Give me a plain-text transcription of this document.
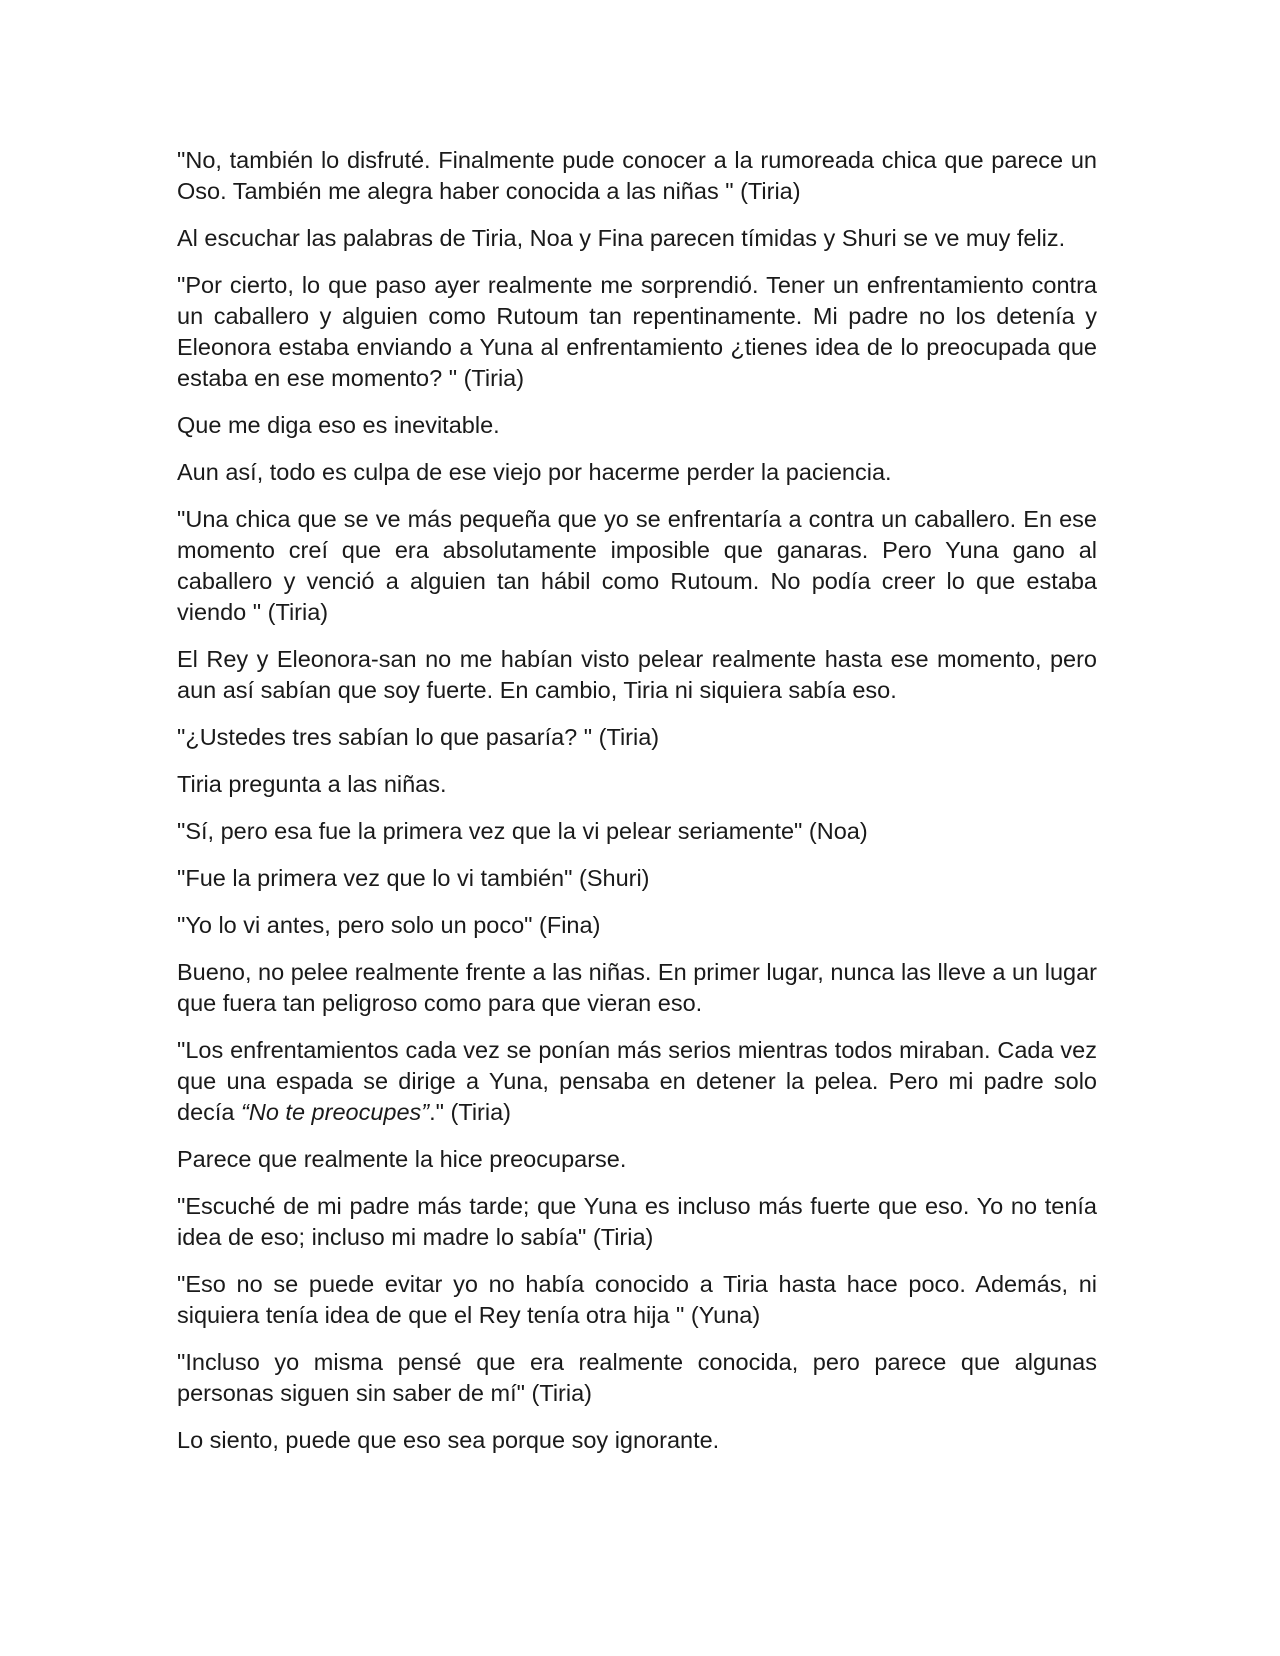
"No, también lo disfruté. Finalmente pude conocer a la rumoreada chica que parece un Oso. También me alegra haber conocida a las niñas " (Tiria)

Al escuchar las palabras de Tiria, Noa y Fina parecen tímidas y Shuri se ve muy feliz.

"Por cierto, lo que paso ayer realmente me sorprendió. Tener un enfrentamiento contra un caballero y alguien como Rutoum tan repentinamente. Mi padre no los detenía y Eleonora estaba enviando a Yuna al enfrentamiento ¿tienes idea de lo preocupada que estaba en ese momento? " (Tiria)

Que me diga eso es inevitable.

Aun así, todo es culpa de ese viejo por hacerme perder la paciencia.

"Una chica que se ve más pequeña que yo se enfrentaría a contra un caballero. En ese momento creí que era absolutamente imposible que ganaras. Pero Yuna gano al caballero y venció a alguien tan hábil como Rutoum. No podía creer lo que estaba viendo " (Tiria)

El Rey y Eleonora-san no me habían visto pelear realmente hasta ese momento, pero aun así sabían que soy fuerte. En cambio, Tiria ni siquiera sabía eso.

"¿Ustedes tres sabían lo que pasaría? " (Tiria)

Tiria pregunta a las niñas.

"Sí, pero esa fue la primera vez que la vi pelear seriamente" (Noa)

"Fue la primera vez que lo vi también" (Shuri)

"Yo lo vi antes, pero solo un poco" (Fina)

Bueno, no pelee realmente frente a las niñas. En primer lugar, nunca las lleve a un lugar que fuera tan peligroso como para que vieran eso.

"Los enfrentamientos cada vez se ponían más serios mientras todos miraban. Cada vez que una espada se dirige a Yuna, pensaba en detener la pelea. Pero mi padre solo decía “No te preocupes”." (Tiria)

Parece que realmente la hice preocuparse.

"Escuché de mi padre más tarde; que Yuna es incluso más fuerte que eso. Yo no tenía idea de eso; incluso mi madre lo sabía" (Tiria)

"Eso no se puede evitar yo no había conocido a Tiria hasta hace poco. Además, ni siquiera tenía idea de que el Rey tenía otra hija " (Yuna)

"Incluso yo misma pensé que era realmente conocida, pero parece que algunas personas siguen sin saber de mí" (Tiria)

Lo siento, puede que eso sea porque soy ignorante.
